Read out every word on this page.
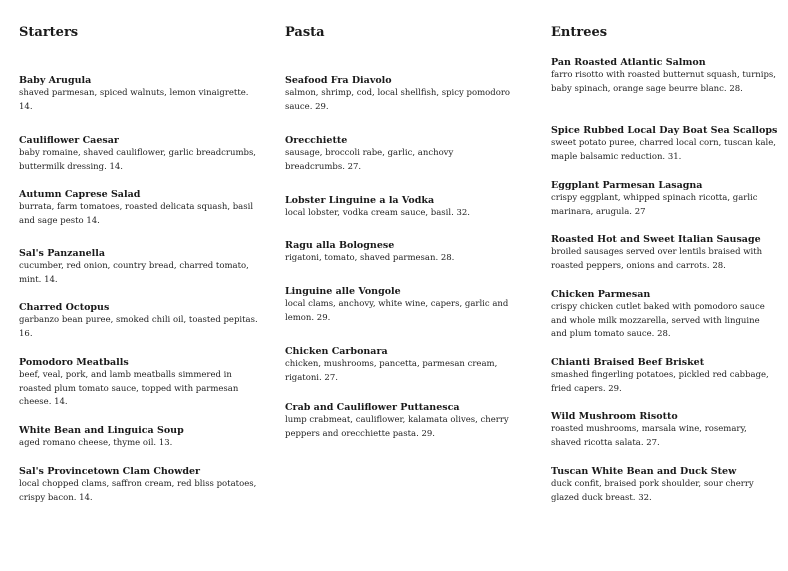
Starters
Baby Arugula
shaved parmesan, spiced walnuts, lemon vinaigrette. 14.
Cauliflower Caesar
baby romaine, shaved cauliflower, garlic breadcrumbs, buttermilk dressing. 14.
Autumn Caprese Salad
burrata, farm tomatoes, roasted delicata squash, basil and sage pesto 14.
Sal's Panzanella
cucumber, red onion, country bread, charred tomato, mint. 14.
Charred Octopus
garbanzo bean puree, smoked chili oil, toasted pepitas. 16.
Pomodoro Meatballs
beef, veal, pork, and lamb meatballs simmered in roasted plum tomato sauce, topped with parmesan cheese. 14.
White Bean and Linguica Soup
aged romano cheese, thyme oil. 13.
Sal's Provincetown Clam Chowder
local chopped clams, saffron cream, red bliss potatoes, crispy bacon. 14.
Pasta
Seafood Fra Diavolo
salmon, shrimp, cod, local shellfish, spicy pomodoro sauce. 29.
Orecchiette
sausage, broccoli rabe, garlic, anchovy breadcrumbs. 27.
Lobster Linguine a la Vodka
local lobster, vodka cream sauce, basil. 32.
Ragu alla Bolognese
rigatoni, tomato, shaved parmesan. 28.
Linguine alle Vongole
local clams, anchovy, white wine, capers, garlic and lemon. 29.
Chicken Carbonara
chicken, mushrooms, pancetta, parmesan cream, rigatoni. 27.
Crab and Cauliflower Puttanesca
lump crabmeat, cauliflower, kalamata olives, cherry peppers and orecchiette pasta. 29.
Entrees
Pan Roasted Atlantic Salmon
farro risotto with roasted butternut squash, turnips, baby spinach, orange sage beurre blanc. 28.
Spice Rubbed Local Day Boat Sea Scallops
sweet potato puree, charred local corn, tuscan kale, maple balsamic reduction. 31.
Eggplant Parmesan Lasagna
crispy eggplant, whipped spinach ricotta, garlic marinara, arugula. 27
Roasted Hot and Sweet Italian Sausage
broiled sausages served over lentils braised with roasted peppers, onions and carrots. 28.
Chicken Parmesan
crispy chicken cutlet baked with pomodoro sauce and whole milk mozzarella, served with linguine and plum tomato sauce. 28.
Chianti Braised Beef Brisket
smashed fingerling potatoes, pickled red cabbage, fried capers. 29.
Wild Mushroom Risotto
roasted mushrooms, marsala wine, rosemary, shaved ricotta salata. 27.
Tuscan White Bean and Duck Stew
duck confit, braised pork shoulder, sour cherry glazed duck breast. 32.
